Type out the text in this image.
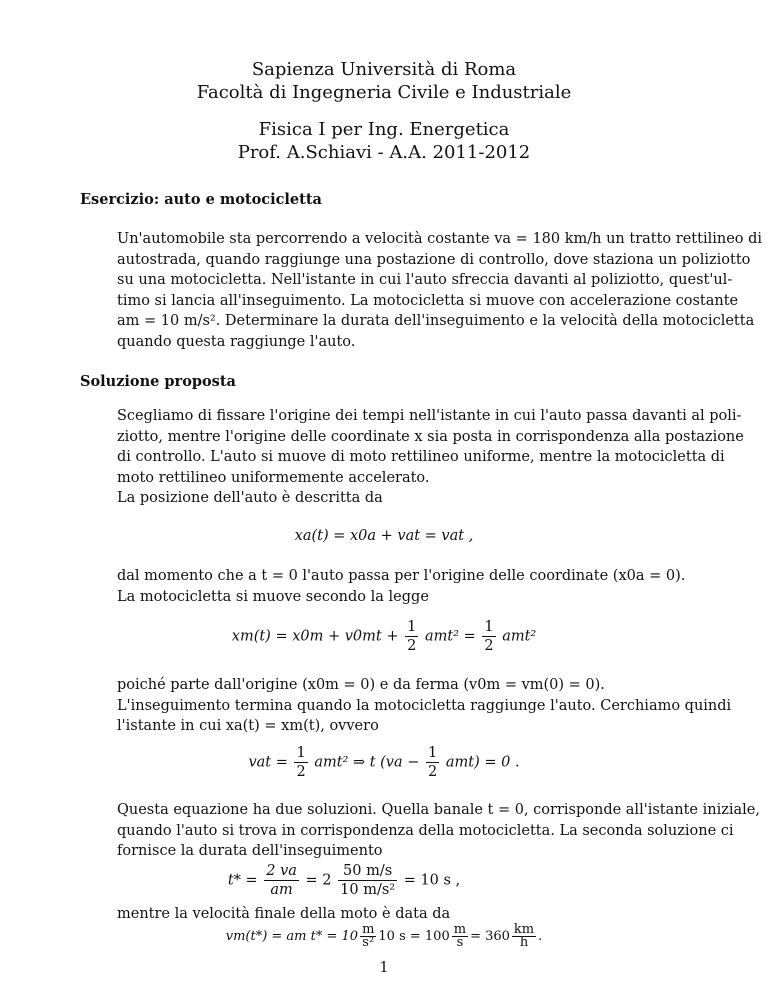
Sapienza Università di Roma
Facoltà di Ingegneria Civile e Industriale
Fisica I per Ing. Energetica
Prof. A.Schiavi - A.A. 2011-2012
Esercizio: auto e motocicletta
Un'automobile sta percorrendo a velocità costante va = 180 km/h un tratto rettilineo di
autostrada, quando raggiunge una postazione di controllo, dove staziona un poliziotto
su una motocicletta. Nell'istante in cui l'auto sfreccia davanti al poliziotto, quest'ul-
timo si lancia all'inseguimento. La motocicletta si muove con accelerazione costante
am = 10 m/s². Determinare la durata dell'inseguimento e la velocità della motocicletta
quando questa raggiunge l'auto.
Soluzione proposta
Scegliamo di fissare l'origine dei tempi nell'istante in cui l'auto passa davanti al poli-
ziotto, mentre l'origine delle coordinate x sia posta in corrispondenza alla postazione
di controllo. L'auto si muove di moto rettilineo uniforme, mentre la motocicletta di
moto rettilineo uniformemente accelerato.
La posizione dell'auto è descritta da
xa(t) = x0a + vat = vat ,
dal momento che a t = 0 l'auto passa per l'origine delle coordinate (x0a = 0).
La motocicletta si muove secondo la legge
$xm(t) = x0m + v0mt + \frac{1}{2} amt^2 = \frac{1}{2} amt^2$
poiché parte dall'origine (x0m = 0) e da ferma (v0m = vm(0) = 0).
L'inseguimento termina quando la motocicletta raggiunge l'auto. Cerchiamo quindi
l'istante in cui xa(t) = xm(t), ovvero
vat = $\frac{1}{2} amt^2$ ⇒ t $(va - \frac{1}{2} amt) = 0$ .
Questa equazione ha due soluzioni. Quella banale t = 0, corrisponde all'istante iniziale,
quando l'auto si trova in corrispondenza della motocicletta. La seconda soluzione ci
fornisce la durata dell'inseguimento
$t* = \frac{2 va}{am} = 2 \frac{50 m/s}{\text{10 m/s²}} = 10$ s ,
mentre la velocità finale della moto è data da
1
vm(t*) = am $t* = 10 \frac{m}{\text{s²}} 10$ $s = 100 \frac{m}{s} = 360 \frac{km}{h}$ .
